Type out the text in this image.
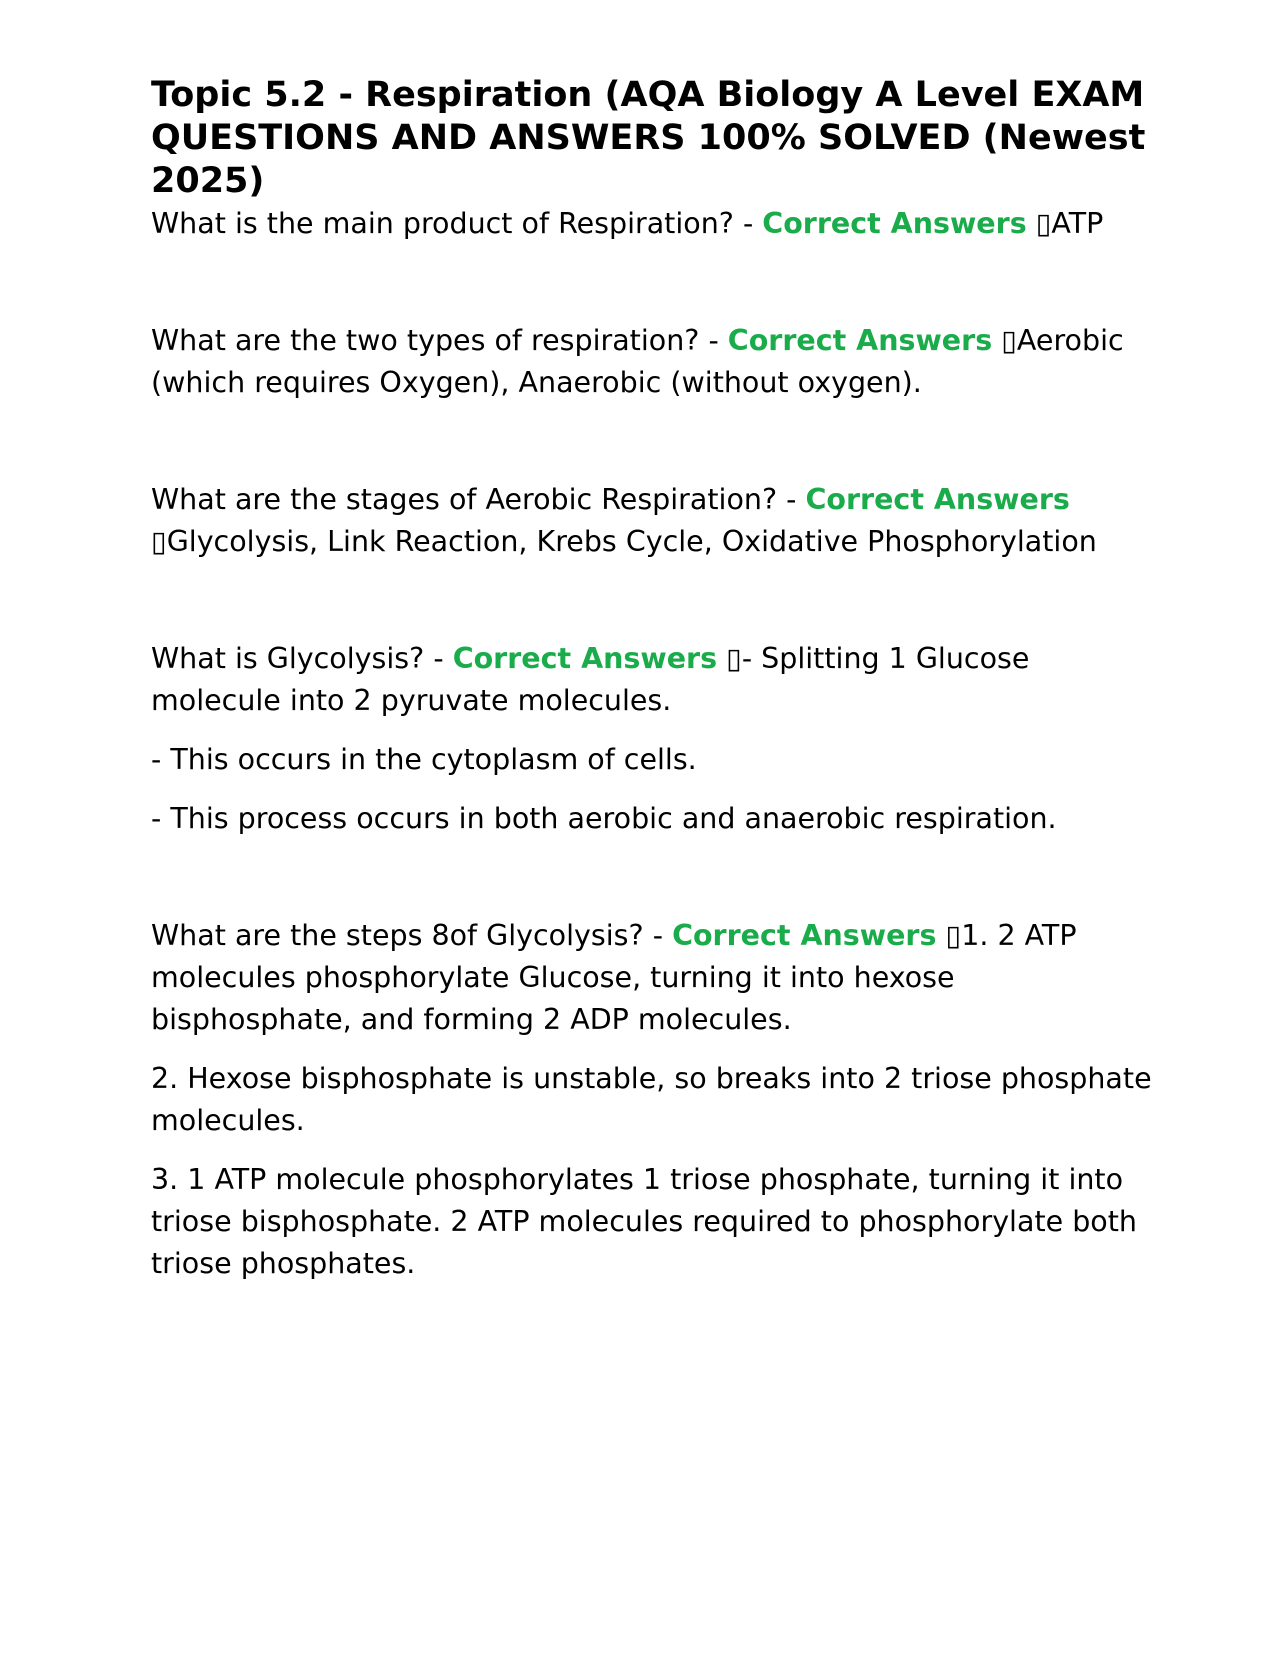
Topic 5.2 - Respiration (AQA Biology A Level EXAM QUESTIONS AND ANSWERS 100% SOLVED (Newest 2025)

What is the main product of Respiration? - Correct Answers ▯ATP

What are the two types of respiration? - Correct Answers ▯Aerobic (which requires Oxygen), Anaerobic (without oxygen).

What are the stages of Aerobic Respiration? - Correct Answers ▯Glycolysis, Link Reaction, Krebs Cycle, Oxidative Phosphorylation

What is Glycolysis? - Correct Answers ▯- Splitting 1 Glucose molecule into 2 pyruvate molecules.

- This occurs in the cytoplasm of cells.

- This process occurs in both aerobic and anaerobic respiration.

What are the steps 8of Glycolysis? - Correct Answers ▯1. 2 ATP molecules phosphorylate Glucose, turning it into hexose bisphosphate, and forming 2 ADP molecules.

2. Hexose bisphosphate is unstable, so breaks into 2 triose phosphate molecules.

3. 1 ATP molecule phosphorylates 1 triose phosphate, turning it into triose bisphosphate. 2 ATP molecules required to phosphorylate both triose phosphates.
